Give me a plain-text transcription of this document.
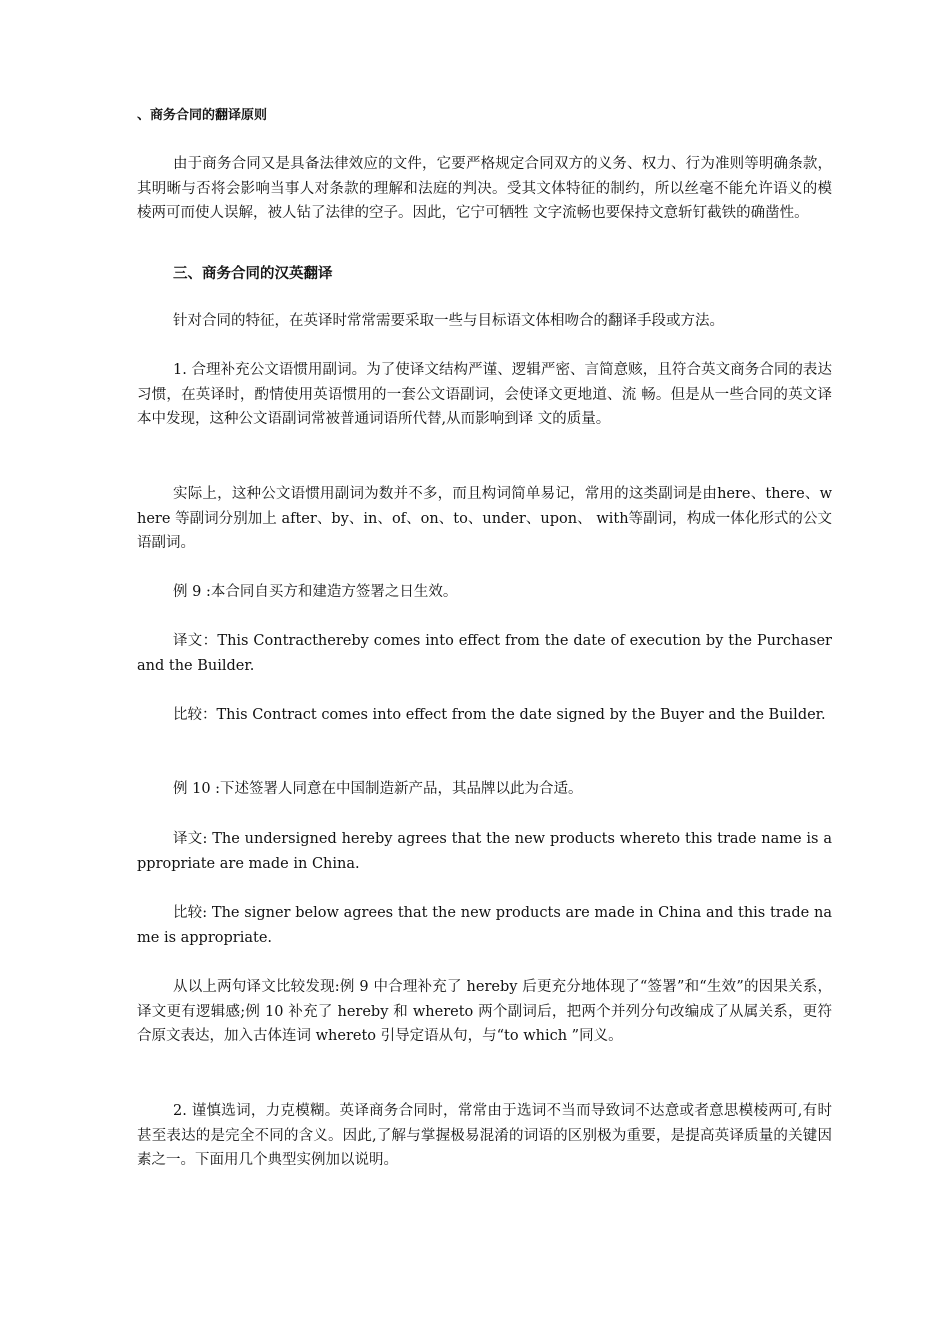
、商务合同的翻译原则

由于商务合同又是具备法律效应的文件，它要严格规定合同双方的义务、权力、行为准则等明确条款，其明晰与否将会影响当事人对条款的理解和法庭的判决。受其文体特征的制约，所以丝毫不能允许语义的模棱两可而使人误解，被人钻了法律的空子。因此，它宁可牺牲 文字流畅也要保持文意斩钉截铁的确凿性。

三、商务合同的汉英翻译

针对合同的特征，在英译时常常需要采取一些与目标语文体相吻合的翻译手段或方法。

1. 合理补充公文语惯用副词。为了使译文结构严谨、逻辑严密、言简意赅，且符合英文商务合同的表达习惯，在英译时，酌情使用英语惯用的一套公文语副词，会使译文更地道、流 畅。但是从一些合同的英文译本中发现，这种公文语副词常被普通词语所代替,从而影响到译 文的质量。

实际上，这种公文语惯用副词为数并不多，而且构词简单易记，常用的这类副词是由here、there、where 等副词分别加上 after、by、in、of、on、to、under、upon、 with等副词，构成一体化形式的公文语副词。

例 9 :本合同自买方和建造方签署之日生效。

译文：This Contracthereby comes into effect from the date of execution by the Purchaser and the Builder.

比较：This Contract comes into effect from the date signed by the Buyer and the Builder.

例 10 :下述签署人同意在中国制造新产品，其品牌以此为合适。

译文: The undersigned hereby agrees that the new products whereto this trade name is appropriate are made in China.

比较: The signer below agrees that the new products are made in China and this trade name is appropriate.

从以上两句译文比较发现:例 9 中合理补充了 hereby 后更充分地体现了“签署”和“生效”的因果关系，译文更有逻辑感;例 10 补充了 hereby 和 whereto 两个副词后，把两个并列分句改编成了从属关系，更符合原文表达，加入古体连词 whereto 引导定语从句，与“to which ”同义。

2. 谨慎选词，力克模糊。英译商务合同时，常常由于选词不当而导致词不达意或者意思模棱两可,有时甚至表达的是完全不同的含义。因此,了解与掌握极易混淆的词语的区别极为重要，是提高英译质量的关键因素之一。下面用几个典型实例加以说明。
